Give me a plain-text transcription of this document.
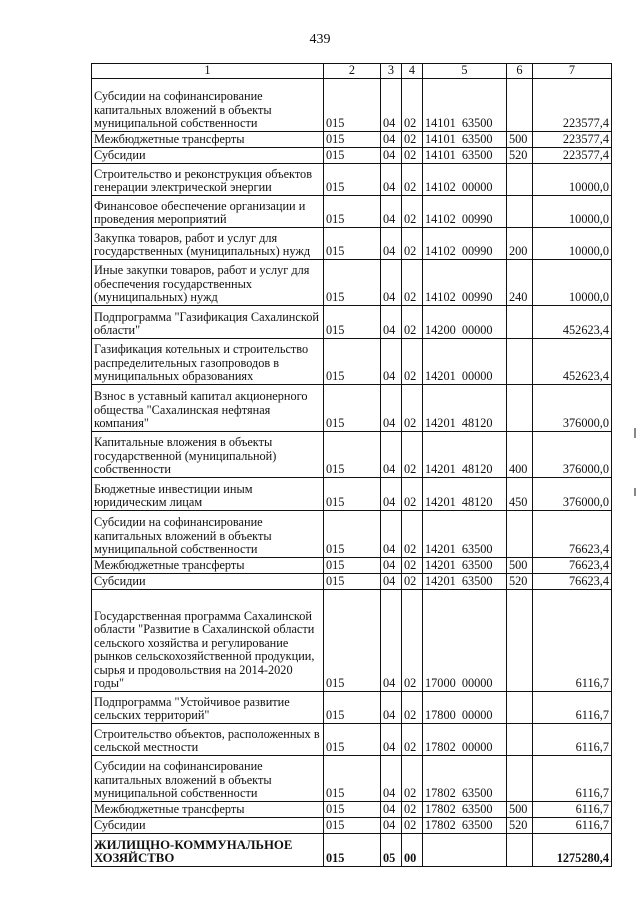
439
1	2	3	4	5	6	7
Субсидии на софинансирование капитальных вложений в объекты муниципальной собственности	015	04	02	14101 63500		223577,4
Межбюджетные трансферты	015	04	02	14101 63500	500	223577,4
Субсидии	015	04	02	14101 63500	520	223577,4
Строительство и реконструкция объектов генерации электрической энергии	015	04	02	14102 00000		10000,0
Финансовое обеспечение организации и проведения мероприятий	015	04	02	14102 00990		10000,0
Закупка товаров, работ и услуг для государственных (муниципальных) нужд	015	04	02	14102 00990	200	10000,0
Иные закупки товаров, работ и услуг для обеспечения государственных (муниципальных) нужд	015	04	02	14102 00990	240	10000,0
Подпрограмма "Газификация Сахалинской области"	015	04	02	14200 00000		452623,4
Газификация котельных и строительство распределительных газопроводов в муниципальных образованиях	015	04	02	14201 00000		452623,4
Взнос в уставный капитал акционерного общества "Сахалинская нефтяная компания"	015	04	02	14201 48120		376000,0
Капитальные вложения в объекты государственной (муниципальной) собственности	015	04	02	14201 48120	400	376000,0
Бюджетные инвестиции иным юридическим лицам	015	04	02	14201 48120	450	376000,0
Субсидии на софинансирование капитальных вложений в объекты муниципальной собственности	015	04	02	14201 63500		76623,4
Межбюджетные трансферты	015	04	02	14201 63500	500	76623,4
Субсидии	015	04	02	14201 63500	520	76623,4
Государственная программа Сахалинской области "Развитие в Сахалинской области сельского хозяйства и регулирование рынков сельскохозяйственной продукции, сырья и продовольствия на 2014-2020 годы"	015	04	02	17000 00000		6116,7
Подпрограмма "Устойчивое развитие сельских территорий"	015	04	02	17800 00000		6116,7
Строительство объектов, расположенных в сельской местности	015	04	02	17802 00000		6116,7
Субсидии на софинансирование капитальных вложений в объекты муниципальной собственности	015	04	02	17802 63500		6116,7
Межбюджетные трансферты	015	04	02	17802 63500	500	6116,7
Субсидии	015	04	02	17802 63500	520	6116,7
ЖИЛИЩНО-КОММУНАЛЬНОЕ ХОЗЯЙСТВО	015	05	00			1275280,4
